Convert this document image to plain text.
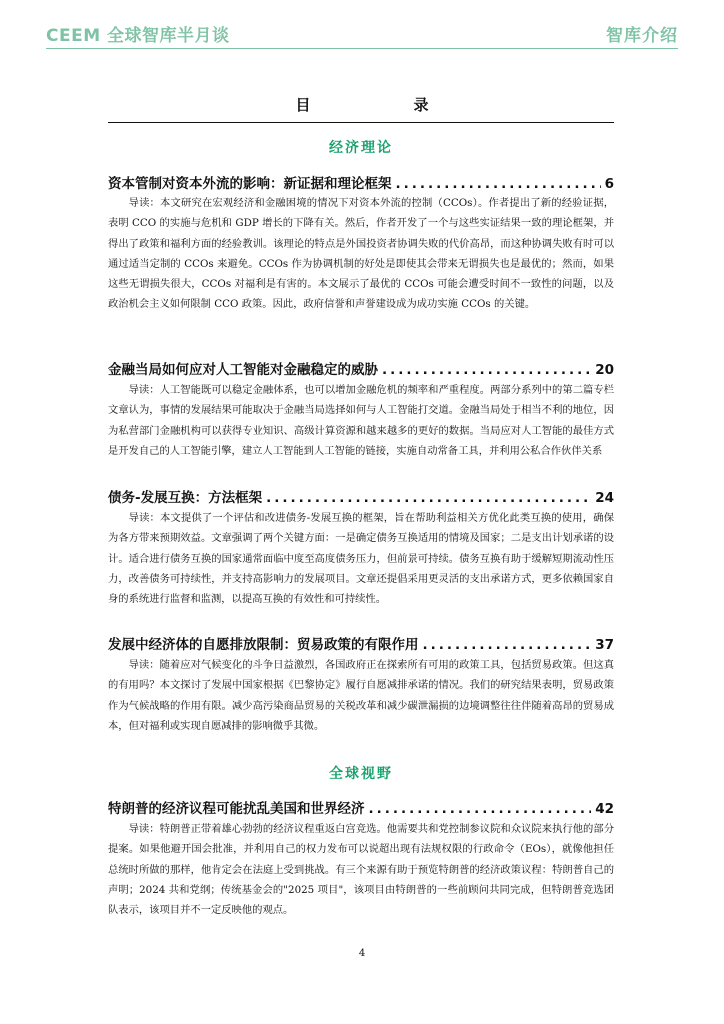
CEEM 全球智库半月谈	智库介绍
目　录
经济理论
资本管制对资本外流的影响：新证据和理论框架 .....	6

导读：本文研究在宏观经济和金融困境的情况下对资本外流的控制（CCOs）。作者提出了新的经验证据，表明 CCO 的实施与危机和 GDP 增长的下降有关。然后，作者开发了一个与这些实证结果一致的理论框架，并得出了政策和福利方面的经验教训。该理论的特点是外国投资者协调失败的代价高昂，而这种协调失败有时可以通过适当定制的 CCOs 来避免。CCOs 作为协调机制的好处是即使其会带来无谓损失也是最优的；然而，如果这些无谓损失很大，CCOs 对福利是有害的。本文展示了最优的 CCOs 可能会遭受时间不一致性的问题，以及政治机会主义如何限制 CCO 政策。因此，政府信誉和声誉建设成为成功实施 CCOs 的关键。

金融当局如何应对人工智能对金融稳定的威胁 .....	20

导读：人工智能既可以稳定金融体系，也可以增加金融危机的频率和严重程度。两部分系列中的第二篇专栏文章认为，事情的发展结果可能取决于金融当局选择如何与人工智能打交道。金融当局处于相当不利的地位，因为私营部门金融机构可以获得专业知识、高级计算资源和越来越多的更好的数据。当局应对人工智能的最佳方式是开发自己的人工智能引擎，建立人工智能到人工智能的链接，实施自动常备工具，并利用公私合作伙伴关系

债务-发展互换：方法框架 .....	24

导读：本文提供了一个评估和改进债务-发展互换的框架，旨在帮助利益相关方优化此类互换的使用，确保为各方带来预期效益。文章强调了两个关键方面：一是确定债务互换适用的情境及国家；二是支出计划承诺的设计。适合进行债务互换的国家通常面临中度至高度债务压力，但前景可持续。债务互换有助于缓解短期流动性压力，改善债务可持续性，并支持高影响力的发展项目。文章还提倡采用更灵活的支出承诺方式，更多依赖国家自身的系统进行监督和监测，以提高互换的有效性和可持续性。

发展中经济体的自愿排放限制：贸易政策的有限作用 .....	37

导读：随着应对气候变化的斗争日益激烈，各国政府正在探索所有可用的政策工具，包括贸易政策。但这真的有用吗？本文探讨了发展中国家根据《巴黎协定》履行自愿减排承诺的情况。我们的研究结果表明，贸易政策作为气候战略的作用有限。减少高污染商品贸易的关税改革和减少碳泄漏损的边境调整往往伴随着高昂的贸易成本，但对福利或实现自愿减排的影响微乎其微。

全球视野
特朗普的经济议程可能扰乱美国和世界经济 .....	42

导读：特朗普正带着雄心勃勃的经济议程重返白宫竞选。他需要共和党控制参议院和众议院来执行他的部分提案。如果他避开国会批准，并利用自己的权力发布可以说超出现有法规权限的行政命令（EOs），就像他担任总统时所做的那样，他肯定会在法庭上受到挑战。有三个来源有助于预览特朗普的经济政策议程：特朗普自己的声明；2024 共和党纲；传统基金会的"2025 项目"，该项目由特朗普的一些前顾问共同完成，但特朗普竞选团队表示，该项目并不一定反映他的观点。

4
